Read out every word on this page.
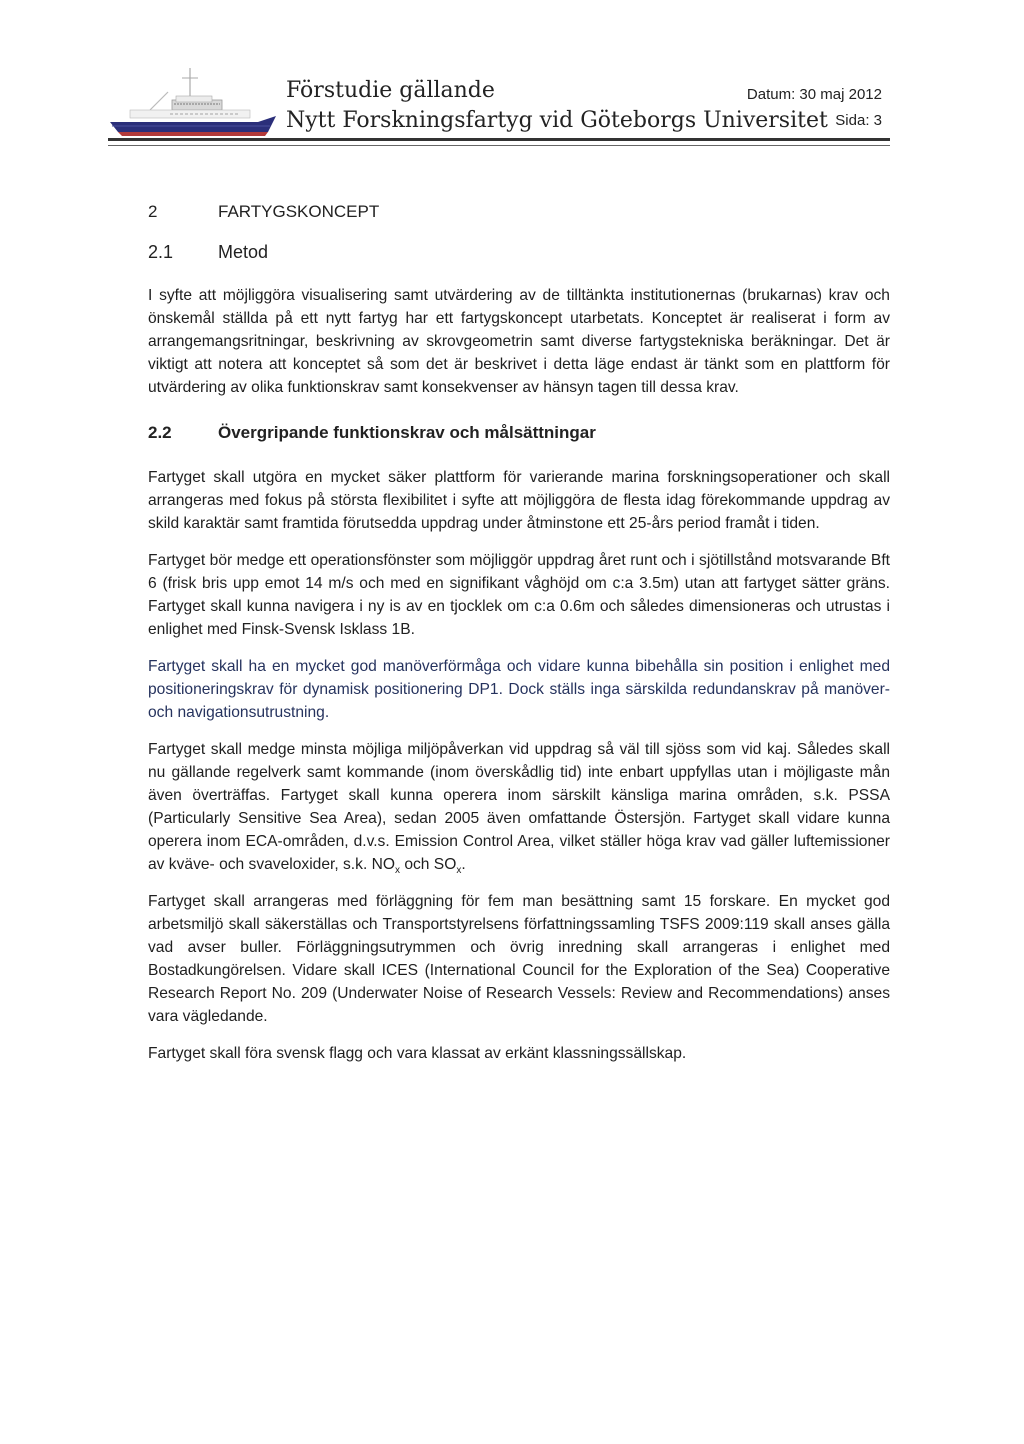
Förstudie gällande
Nytt Forskningsfartyg vid Göteborgs Universitet
Datum: 30 maj 2012
Sida: 3
2	FARTYGSKONCEPT
2.1	Metod

I syfte att möjliggöra visualisering samt utvärdering av de tilltänkta institutionernas (brukarnas) krav och önskemål ställda på ett nytt fartyg har ett fartygskoncept utarbetats. Konceptet är realiserat i form av arrangemangsritningar, beskrivning av skrovgeometrin samt diverse fartygstekniska beräkningar. Det är viktigt att notera att konceptet så som det är beskrivet i detta läge endast är tänkt som en plattform för utvärdering av olika funktionskrav samt konsekvenser av hänsyn tagen till dessa krav.

2.2	Övergripande funktionskrav och målsättningar

Fartyget skall utgöra en mycket säker plattform för varierande marina forskningsoperationer och skall arrangeras med fokus på största flexibilitet i syfte att möjliggöra de flesta idag förekommande uppdrag av skild karaktär samt framtida förutsedda uppdrag under åtminstone ett 25-års period framåt i tiden.

Fartyget bör medge ett operationsfönster som möjliggör uppdrag året runt och i sjötillstånd motsvarande Bft 6 (frisk bris upp emot 14 m/s och med en signifikant våghöjd om c:a 3.5m) utan att fartyget sätter gräns. Fartyget skall kunna navigera i ny is av en tjocklek om c:a 0.6m och således dimensioneras och utrustas i enlighet med Finsk-Svensk Isklass 1B.

Fartyget skall ha en mycket god manöverförmåga och vidare kunna bibehålla sin position i enlighet med positioneringskrav för dynamisk positionering DP1. Dock ställs inga särskilda redundanskrav på manöver- och navigationsutrustning.

Fartyget skall medge minsta möjliga miljöpåverkan vid uppdrag så väl till sjöss som vid kaj. Således skall nu gällande regelverk samt kommande (inom överskådlig tid) inte enbart uppfyllas utan i möjligaste mån även överträffas. Fartyget skall kunna operera inom särskilt känsliga marina områden, s.k. PSSA (Particularly Sensitive Sea Area), sedan 2005 även omfattande Östersjön. Fartyget skall vidare kunna operera inom ECA-områden, d.v.s. Emission Control Area, vilket ställer höga krav vad gäller luftemissioner av kväve- och svaveloxider, s.k. $NO_x$ och $SO_x$.

Fartyget skall arrangeras med förläggning för fem man besättning samt 15 forskare. En mycket god arbetsmiljö skall säkerställas och Transportstyrelsens författningssamling TSFS 2009:119 skall anses gälla vad avser buller. Förläggningsutrymmen och övrig inredning skall arrangeras i enlighet med Bostadkungörelsen. Vidare skall ICES (International Council for the Exploration of the Sea) Cooperative Research Report No. 209 (Underwater Noise of Research Vessels: Review and Recommendations) anses vara vägledande.

Fartyget skall föra svensk flagg och vara klassat av erkänt klassningssällskap.
